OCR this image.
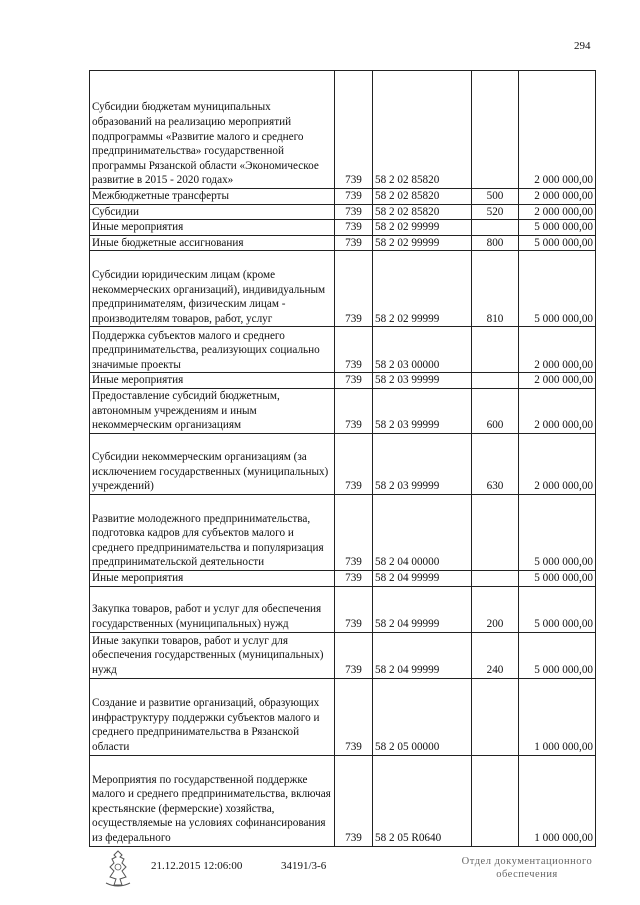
294
Субсидии бюджетам муниципальных образований на реализацию мероприятий подпрограммы «Развитие малого и среднего предпринимательства» государственной программы Рязанской области «Экономическое развитие в 2015 - 2020 годах»	739	58 2 02 85820		2 000 000,00
Межбюджетные трансферты	739	58 2 02 85820	500	2 000 000,00
Субсидии	739	58 2 02 85820	520	2 000 000,00
Иные мероприятия	739	58 2 02 99999		5 000 000,00
Иные бюджетные ассигнования	739	58 2 02 99999	800	5 000 000,00
Субсидии юридическим лицам (кроме некоммерческих организаций), индивидуальным предпринимателям, физическим лицам - производителям товаров, работ, услуг	739	58 2 02 99999	810	5 000 000,00
Поддержка субъектов малого и среднего предпринимательства, реализующих социально значимые проекты	739	58 2 03 00000		2 000 000,00
Иные мероприятия	739	58 2 03 99999		2 000 000,00
Предоставление субсидий бюджетным, автономным учреждениям и иным некоммерческим организациям	739	58 2 03 99999	600	2 000 000,00
Субсидии некоммерческим организациям (за исключением государственных (муниципальных) учреждений)	739	58 2 03 99999	630	2 000 000,00
Развитие молодежного предпринимательства, подготовка кадров для субъектов малого и среднего предпринимательства и популяризация предпринимательской деятельности	739	58 2 04 00000		5 000 000,00
Иные мероприятия	739	58 2 04 99999		5 000 000,00
Закупка товаров, работ и услуг для обеспечения государственных (муниципальных) нужд	739	58 2 04 99999	200	5 000 000,00
Иные закупки товаров, работ и услуг для обеспечения государственных (муниципальных) нужд	739	58 2 04 99999	240	5 000 000,00
Создание и развитие организаций, образующих инфраструктуру поддержки субъектов малого и среднего предпринимательства в Рязанской области	739	58 2 05 00000		1 000 000,00
Мероприятия по государственной поддержке малого и среднего предпринимательства, включая крестьянские (фермерские) хозяйства, осуществляемые на условиях софинансирования из федерального	739	58 2 05 R0640		1 000 000,00
21.12.2015 12:06:00	34191/3-6	Отдел документационного
обеспечения
